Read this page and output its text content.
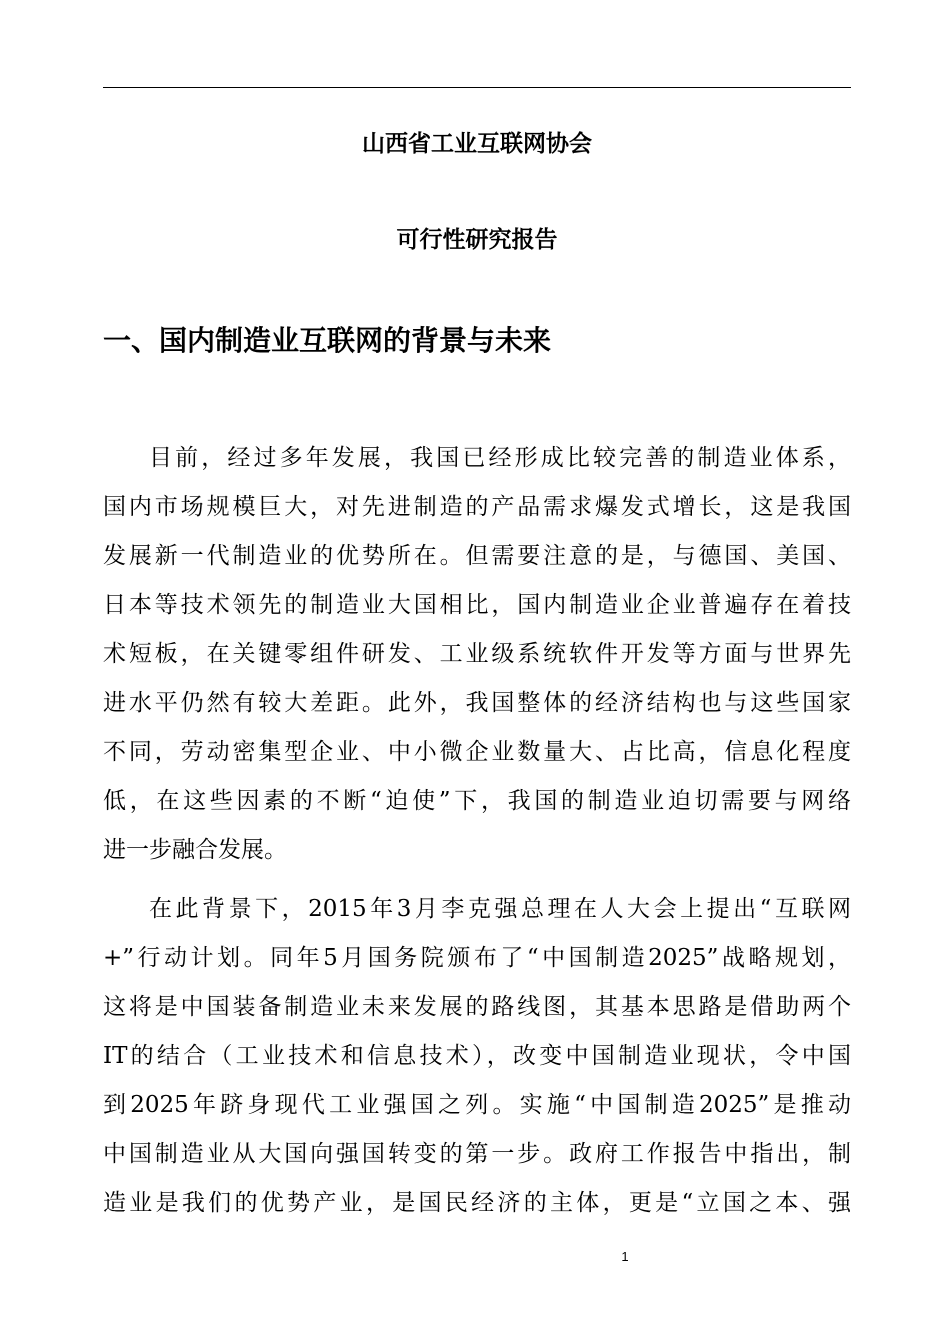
山西省工业互联网协会
可行性研究报告
一、国内制造业互联网的背景与未来
目前，经过多年发展，我国已经形成比较完善的制造业体系，
国内市场规模巨大，对先进制造的产品需求爆发式增长，这是我国
发展新一代制造业的优势所在。但需要注意的是，与德国、美国、
日本等技术领先的制造业大国相比，国内制造业企业普遍存在着技
术短板，在关键零组件研发、工业级系统软件开发等方面与世界先
进水平仍然有较大差距。此外，我国整体的经济结构也与这些国家
不同，劳动密集型企业、中小微企业数量大、占比高，信息化程度
低，在这些因素的不断“迫使”下，我国的制造业迫切需要与网络
进一步融合发展。
在此背景下，2015年3月李克强总理在人大会上提出“互联网
+”行动计划。同年5月国务院颁布了“中国制造2025”战略规划，
这将是中国装备制造业未来发展的路线图，其基本思路是借助两个
IT的结合（工业技术和信息技术），改变中国制造业现状，令中国
到2025年跻身现代工业强国之列。实施“中国制造2025”是推动
中国制造业从大国向强国转变的第一步。政府工作报告中指出，制
造业是我们的优势产业，是国民经济的主体，更是“立国之本、强
1
